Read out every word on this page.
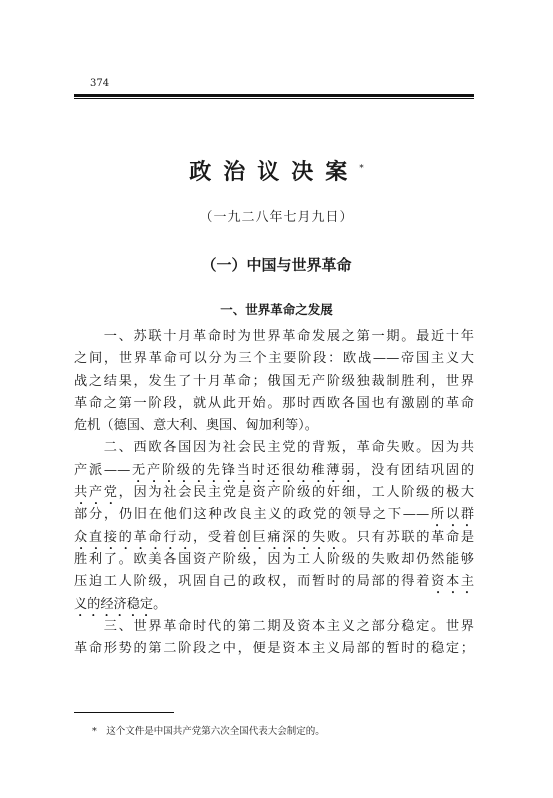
374
政治议决案*
（一九二八年七月九日）
（一）中国与世界革命
一、世界革命之发展
　　一、苏联十月革命时为世界革命发展之第一期。最近十年
之间，世界革命可以分为三个主要阶段：欧战——帝国主义大
战之结果，发生了十月革命；俄国无产阶级独裁制胜利，世界
革命之第一阶段，就从此开始。那时西欧各国也有激剧的革命
危机（德国、意大利、奥国、匈加利等）。
　　二、西欧各国因为社会民主党的背叛，革命失败。因为共
产派——无产阶级的先锋当时还很幼稚薄弱，没有团结巩固的
共产党，因为社会民主党是资产阶级的奸细，工人阶级的极大
部分，仍旧在他们这种改良主义的政党的领导之下——所以群
众直接的革命行动，受着创巨痛深的失败。只有苏联的革命是
胜利了。欧美各国资产阶级，因为工人阶级的失败却仍然能够
压迫工人阶级，巩固自己的政权，而暂时的局部的得着资本主
义的经济稳定。
　　三、世界革命时代的第二期及资本主义之部分稳定。世界
革命形势的第二阶段之中，便是资本主义局部的暂时的稳定；
*　 这个文件是中国共产党第六次全国代表大会制定的。
